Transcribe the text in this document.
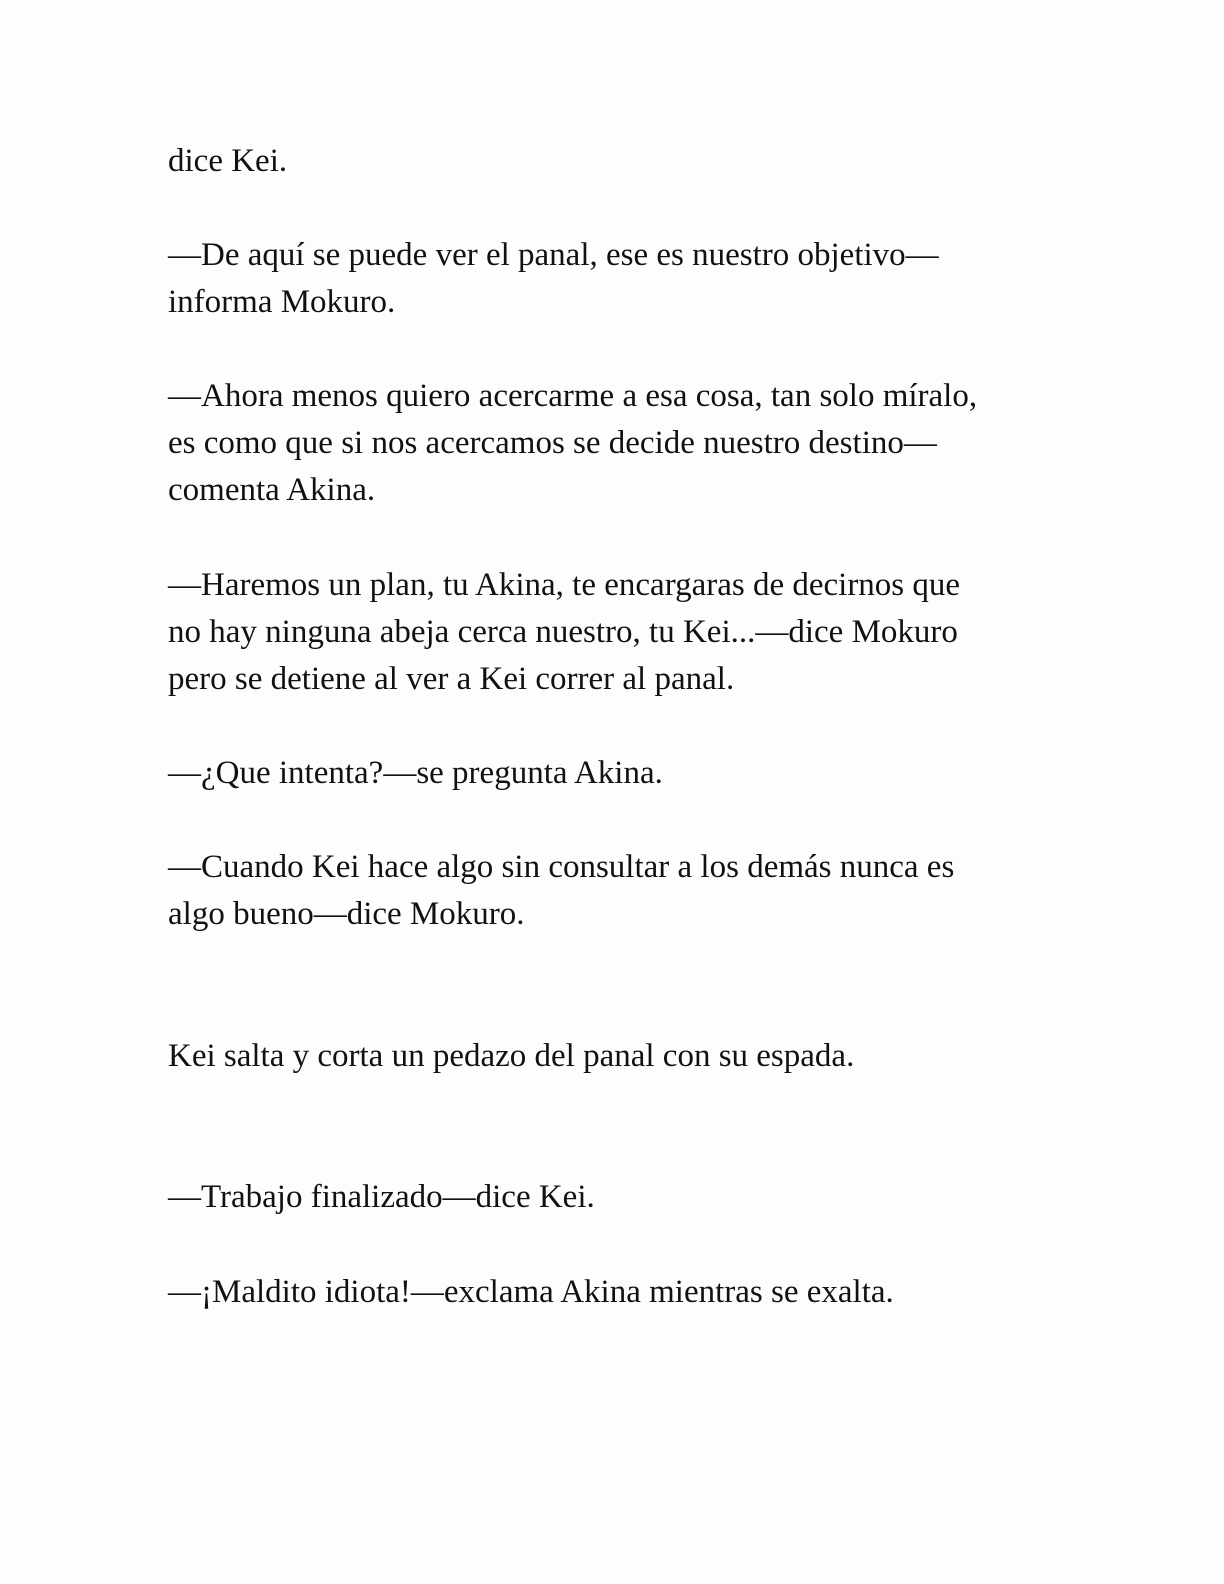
dice Kei.

—De aquí se puede ver el panal, ese es nuestro objetivo—
informa Mokuro.

—Ahora menos quiero acercarme a esa cosa, tan solo míralo,
es como que si nos acercamos se decide nuestro destino—
comenta Akina.

—Haremos un plan, tu Akina, te encargaras de decirnos que
no hay ninguna abeja cerca nuestro, tu Kei...—dice Mokuro
pero se detiene al ver a Kei correr al panal.

—¿Que intenta?—se pregunta Akina.

—Cuando Kei hace algo sin consultar a los demás nunca es
algo bueno—dice Mokuro.

Kei salta y corta un pedazo del panal con su espada.

—Trabajo finalizado—dice Kei.

—¡Maldito idiota!—exclama Akina mientras se exalta.
